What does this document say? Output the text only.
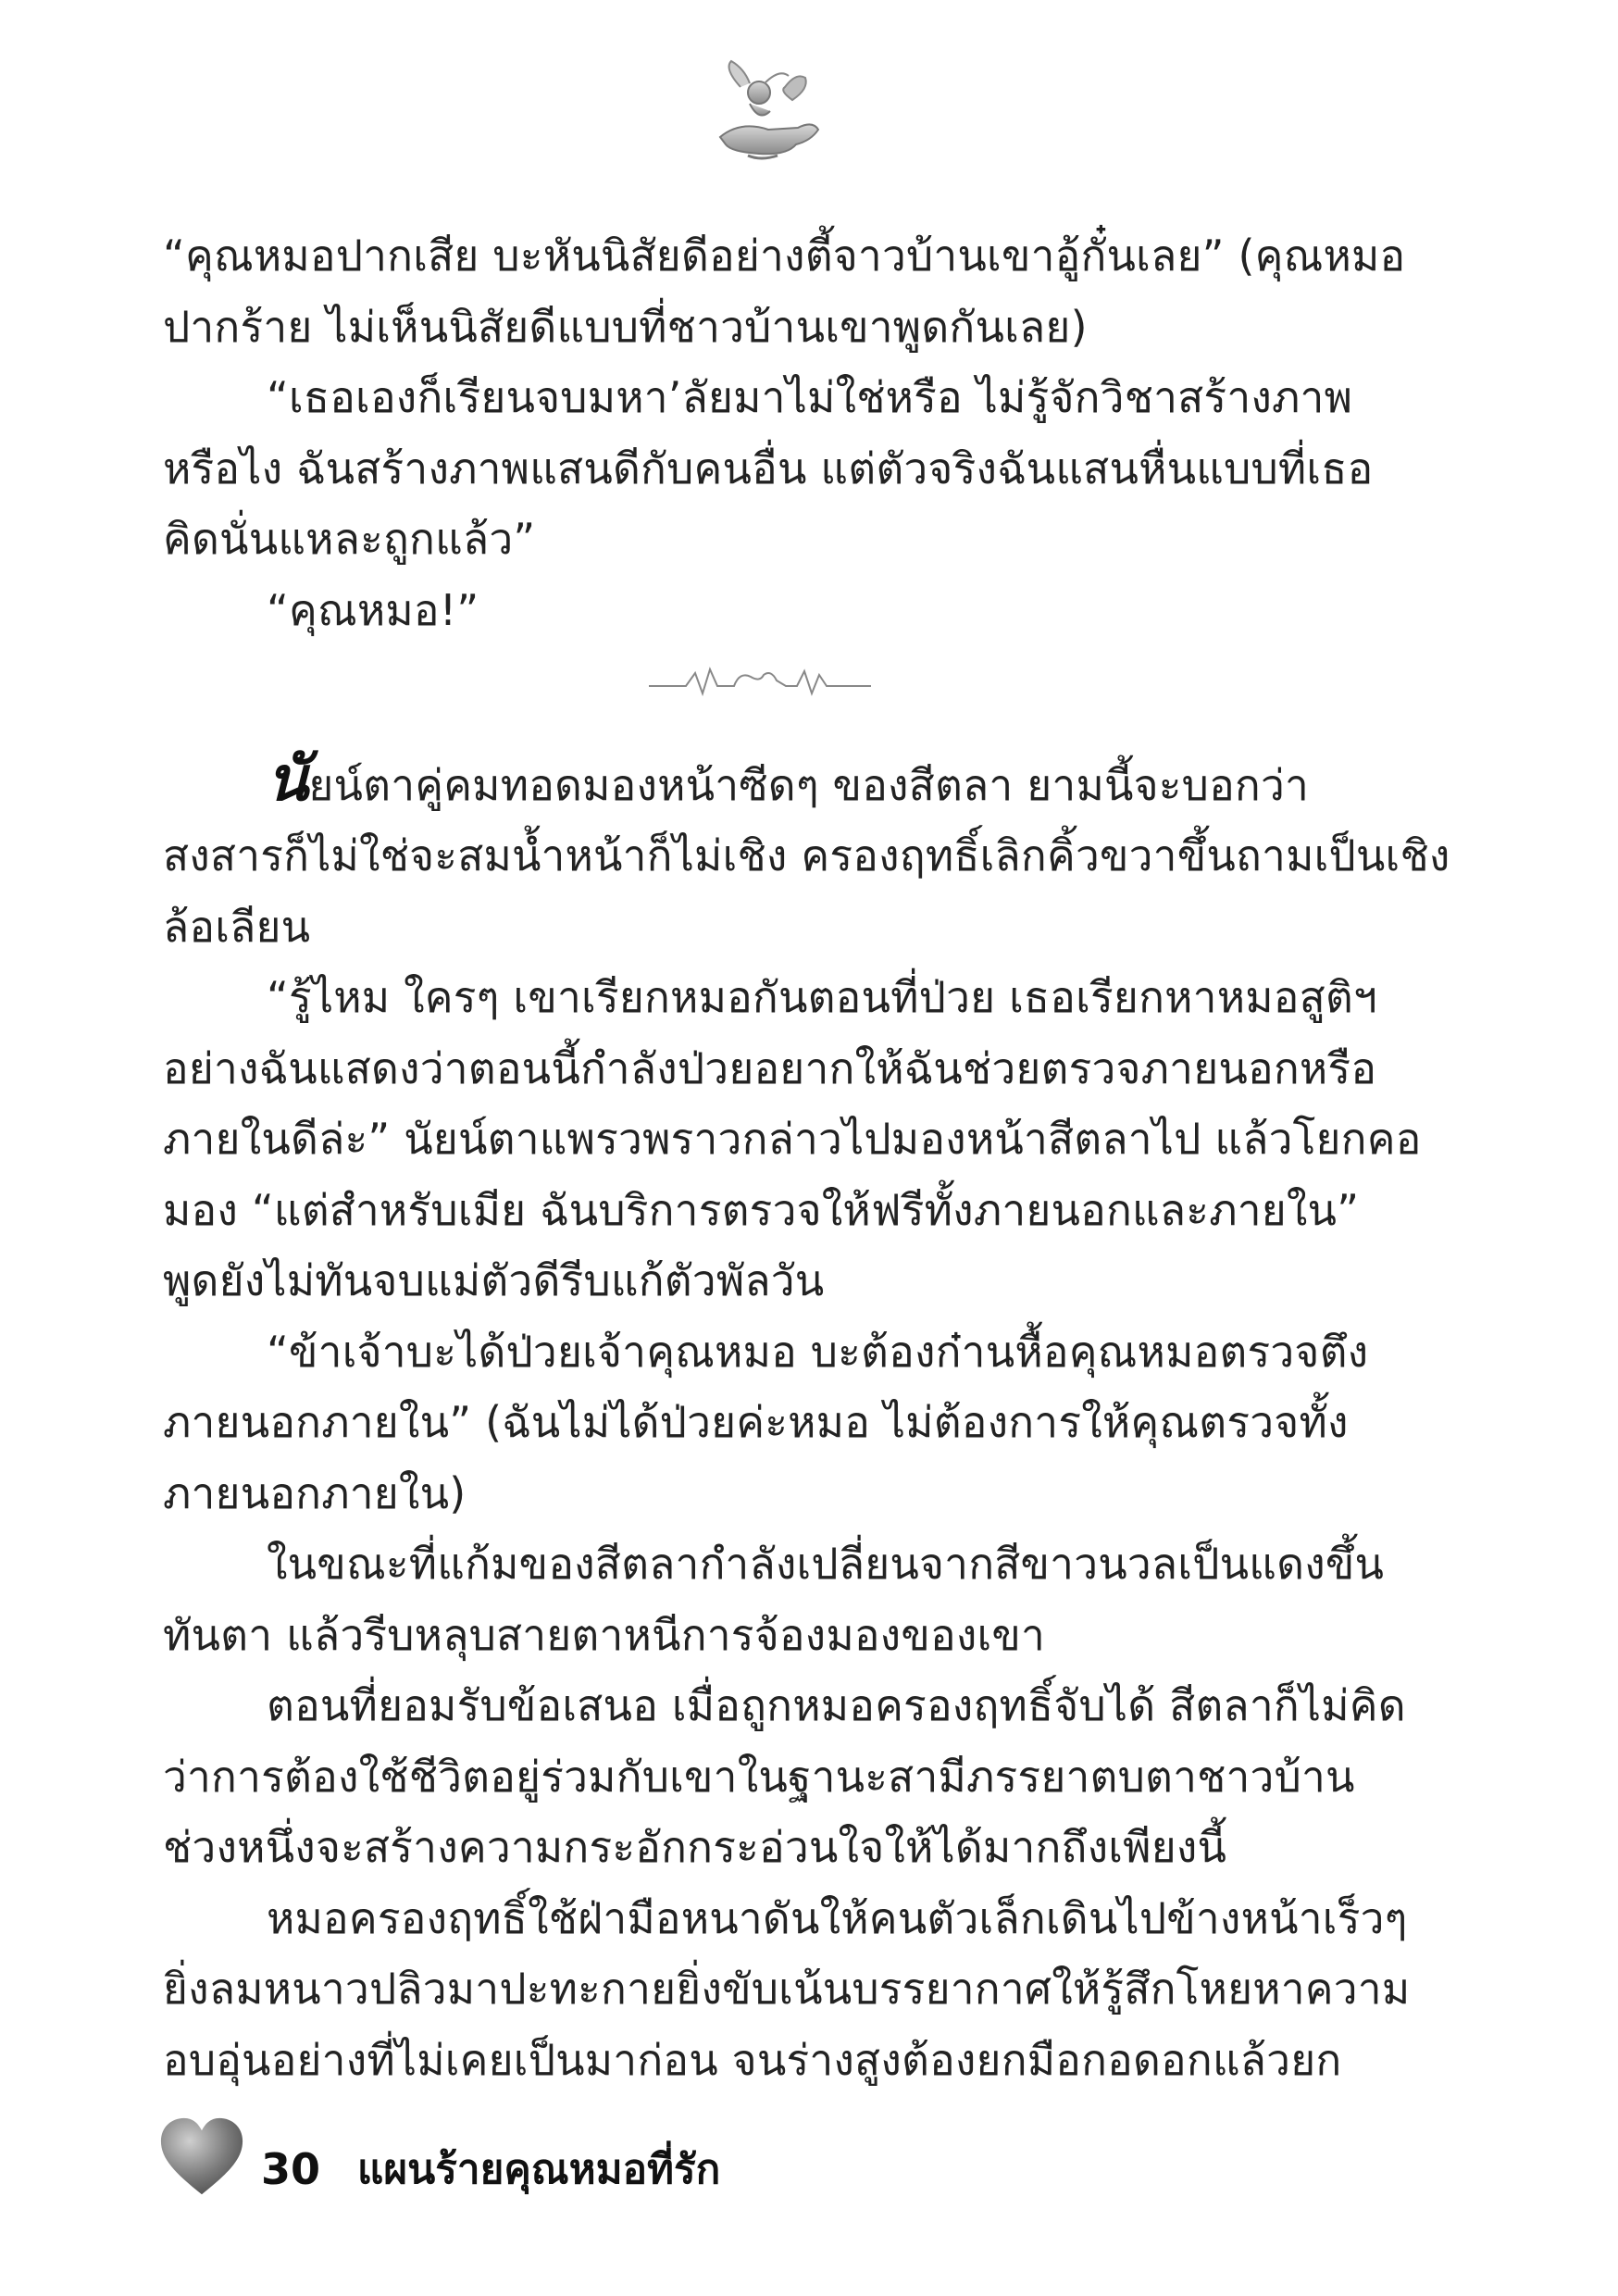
“คุณหมอปากเสีย บะหันนิสัยดีอย่างตี้จาวบ้านเขาอู้กั๋นเลย” (คุณหมอ
ปากร้าย ไม่เห็นนิสัยดีแบบที่ชาวบ้านเขาพูดกันเลย)
“เธอเองก็เรียนจบมหา’ลัยมาไม่ใช่หรือ ไม่รู้จักวิชาสร้างภาพ
หรือไง ฉันสร้างภาพแสนดีกับคนอื่น แต่ตัวจริงฉันแสนหื่นแบบที่เธอ
คิดนั่นแหละถูกแล้ว”
“คุณหมอ!”
นัยน์ตาคู่คมทอดมองหน้าซีดๆ ของสีตลา ยามนี้จะบอกว่า
สงสารก็ไม่ใช่จะสมน้ำหน้าก็ไม่เชิง ครองฤทธิ์เลิกคิ้วขวาขึ้นถามเป็นเชิง
ล้อเลียน
“รู้ไหม ใครๆ เขาเรียกหมอกันตอนที่ป่วย เธอเรียกหาหมอสูติฯ
อย่างฉันแสดงว่าตอนนี้กำลังป่วยอยากให้ฉันช่วยตรวจภายนอกหรือ
ภายในดีล่ะ” นัยน์ตาแพรวพราวกล่าวไปมองหน้าสีตลาไป แล้วโยกคอ
มอง “แต่สำหรับเมีย ฉันบริการตรวจให้ฟรีทั้งภายนอกและภายใน”
พูดยังไม่ทันจบแม่ตัวดีรีบแก้ตัวพัลวัน
“ข้าเจ้าบะได้ป่วยเจ้าคุณหมอ บะต้องก๋านหื้อคุณหมอตรวจตึง
ภายนอกภายใน” (ฉันไม่ได้ป่วยค่ะหมอ ไม่ต้องการให้คุณตรวจทั้ง
ภายนอกภายใน)
ในขณะที่แก้มของสีตลากำลังเปลี่ยนจากสีขาวนวลเป็นแดงขึ้น
ทันตา แล้วรีบหลุบสายตาหนีการจ้องมองของเขา
ตอนที่ยอมรับข้อเสนอ เมื่อถูกหมอครองฤทธิ์จับได้ สีตลาก็ไม่คิด
ว่าการต้องใช้ชีวิตอยู่ร่วมกับเขาในฐานะสามีภรรยาตบตาชาวบ้าน
ช่วงหนึ่งจะสร้างความกระอักกระอ่วนใจให้ได้มากถึงเพียงนี้
หมอครองฤทธิ์ใช้ฝ่ามือหนาดันให้คนตัวเล็กเดินไปข้างหน้าเร็วๆ
ยิ่งลมหนาวปลิวมาปะทะกายยิ่งขับเน้นบรรยากาศให้รู้สึกโหยหาความ
อบอุ่นอย่างที่ไม่เคยเป็นมาก่อน จนร่างสูงต้องยกมือกอดอกแล้วยก
30 แผนร้ายคุณหมอที่รัก
